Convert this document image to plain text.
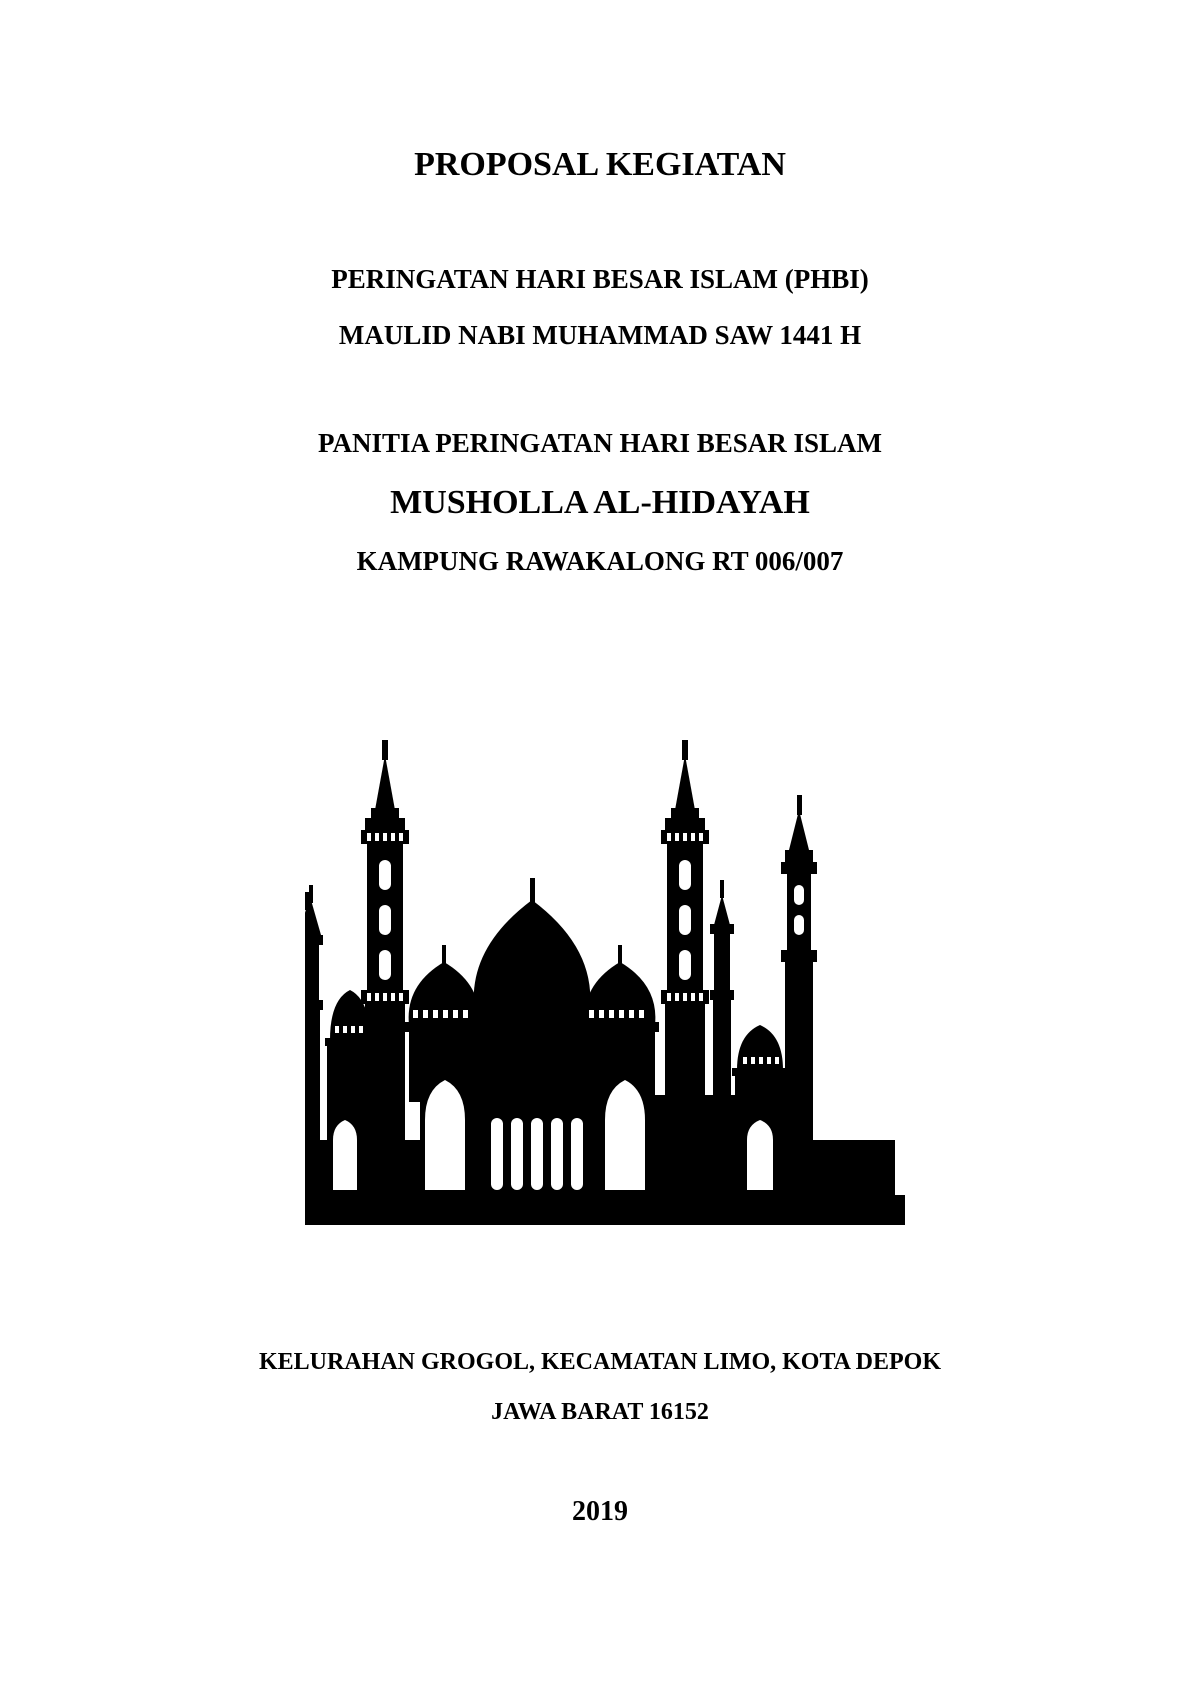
PROPOSAL KEGIATAN

PERINGATAN HARI BESAR ISLAM (PHBI)

MAULID NABI MUHAMMAD SAW 1441 H

PANITIA PERINGATAN HARI BESAR ISLAM

MUSHOLLA AL-HIDAYAH

KAMPUNG RAWAKALONG RT 006/007

KELURAHAN GROGOL, KECAMATAN LIMO, KOTA DEPOK

JAWA BARAT 16152

2019
